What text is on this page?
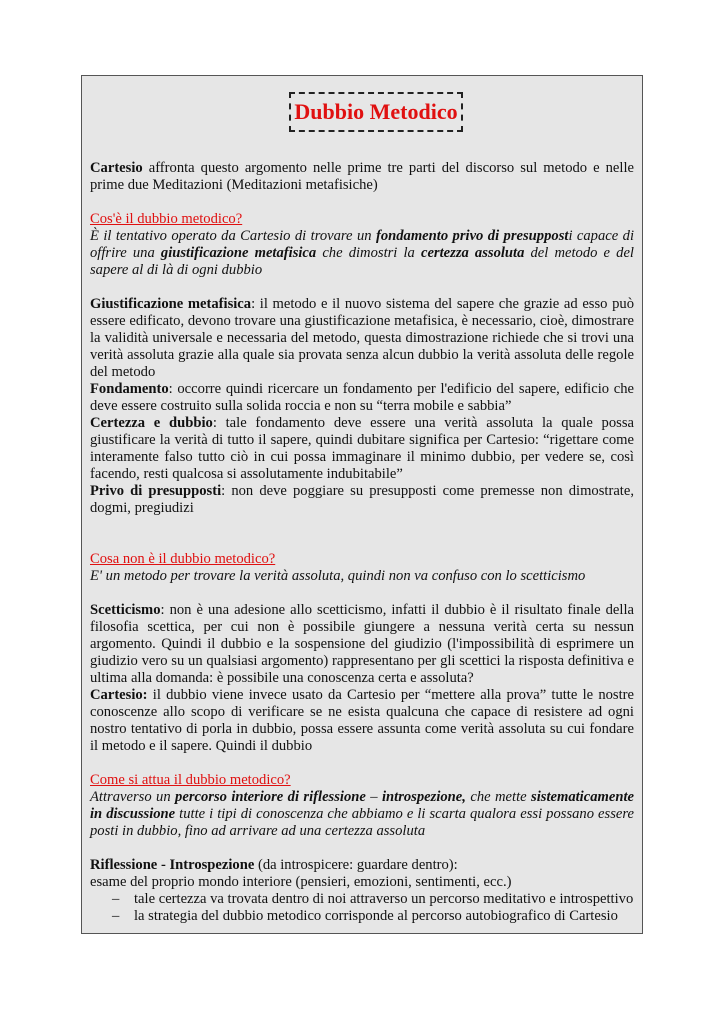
Dubbio Metodico

Cartesio affronta questo argomento nelle prime tre parti del discorso sul metodo e nelle prime due Meditazioni (Meditazioni metafisiche)

Cos'è il dubbio metodico?

È il tentativo operato da Cartesio di trovare un fondamento privo di presupposti capace di offrire una giustificazione metafisica che dimostri la certezza assoluta del metodo e del sapere al di là di ogni dubbio

Giustificazione metafisica: il metodo e il nuovo sistema del sapere che grazie ad esso può essere edificato, devono trovare una giustificazione metafisica, è necessario, cioè, dimostrare la validità universale e necessaria del metodo, questa dimostrazione richiede che si trovi una verità assoluta grazie alla quale sia provata senza alcun dubbio la verità assoluta delle regole del metodo

Fondamento: occorre quindi ricercare un fondamento per l'edificio del sapere, edificio che deve essere costruito sulla solida roccia e non su “terra mobile e sabbia”

Certezza e dubbio: tale fondamento deve essere una verità assoluta la quale possa giustificare la verità di tutto il sapere, quindi dubitare significa per Cartesio: “rigettare come interamente falso tutto ciò in cui possa immaginare il minimo dubbio, per vedere se, così facendo, resti qualcosa si assolutamente indubitabile”

Privo di presupposti: non deve poggiare su presupposti come premesse non dimostrate, dogmi, pregiudizi

Cosa non è il dubbio metodico?

E' un metodo per trovare la verità assoluta, quindi non va confuso con lo scetticismo

Scetticismo: non è una adesione allo scetticismo, infatti il dubbio è il risultato finale della filosofia scettica, per cui non è possibile giungere a nessuna verità certa su nessun argomento. Quindi il dubbio e la sospensione del giudizio (l'impossibilità di esprimere un giudizio vero su un qualsiasi argomento) rappresentano per gli scettici la risposta definitiva e ultima alla domanda: è possibile una conoscenza certa e assoluta?

Cartesio: il dubbio viene invece usato da Cartesio per “mettere alla prova” tutte le nostre conoscenze allo scopo di verificare se ne esista qualcuna che capace di resistere ad ogni nostro tentativo di porla in dubbio, possa essere assunta come verità assoluta su cui fondare il metodo e il sapere. Quindi il dubbio

Come si attua il dubbio metodico?

Attraverso un percorso interiore di riflessione – introspezione, che mette sistematicamente in discussione tutte i tipi di conoscenza che abbiamo e li scarta qualora essi possano essere posti in dubbio, fino ad arrivare ad una certezza assoluta

Riflessione - Introspezione (da introspicere: guardare dentro):

esame del proprio mondo interiore (pensieri, emozioni, sentimenti, ecc.)

– tale certezza va trovata dentro di noi attraverso un percorso meditativo e introspettivo
– la strategia del dubbio metodico corrisponde al percorso autobiografico di Cartesio
